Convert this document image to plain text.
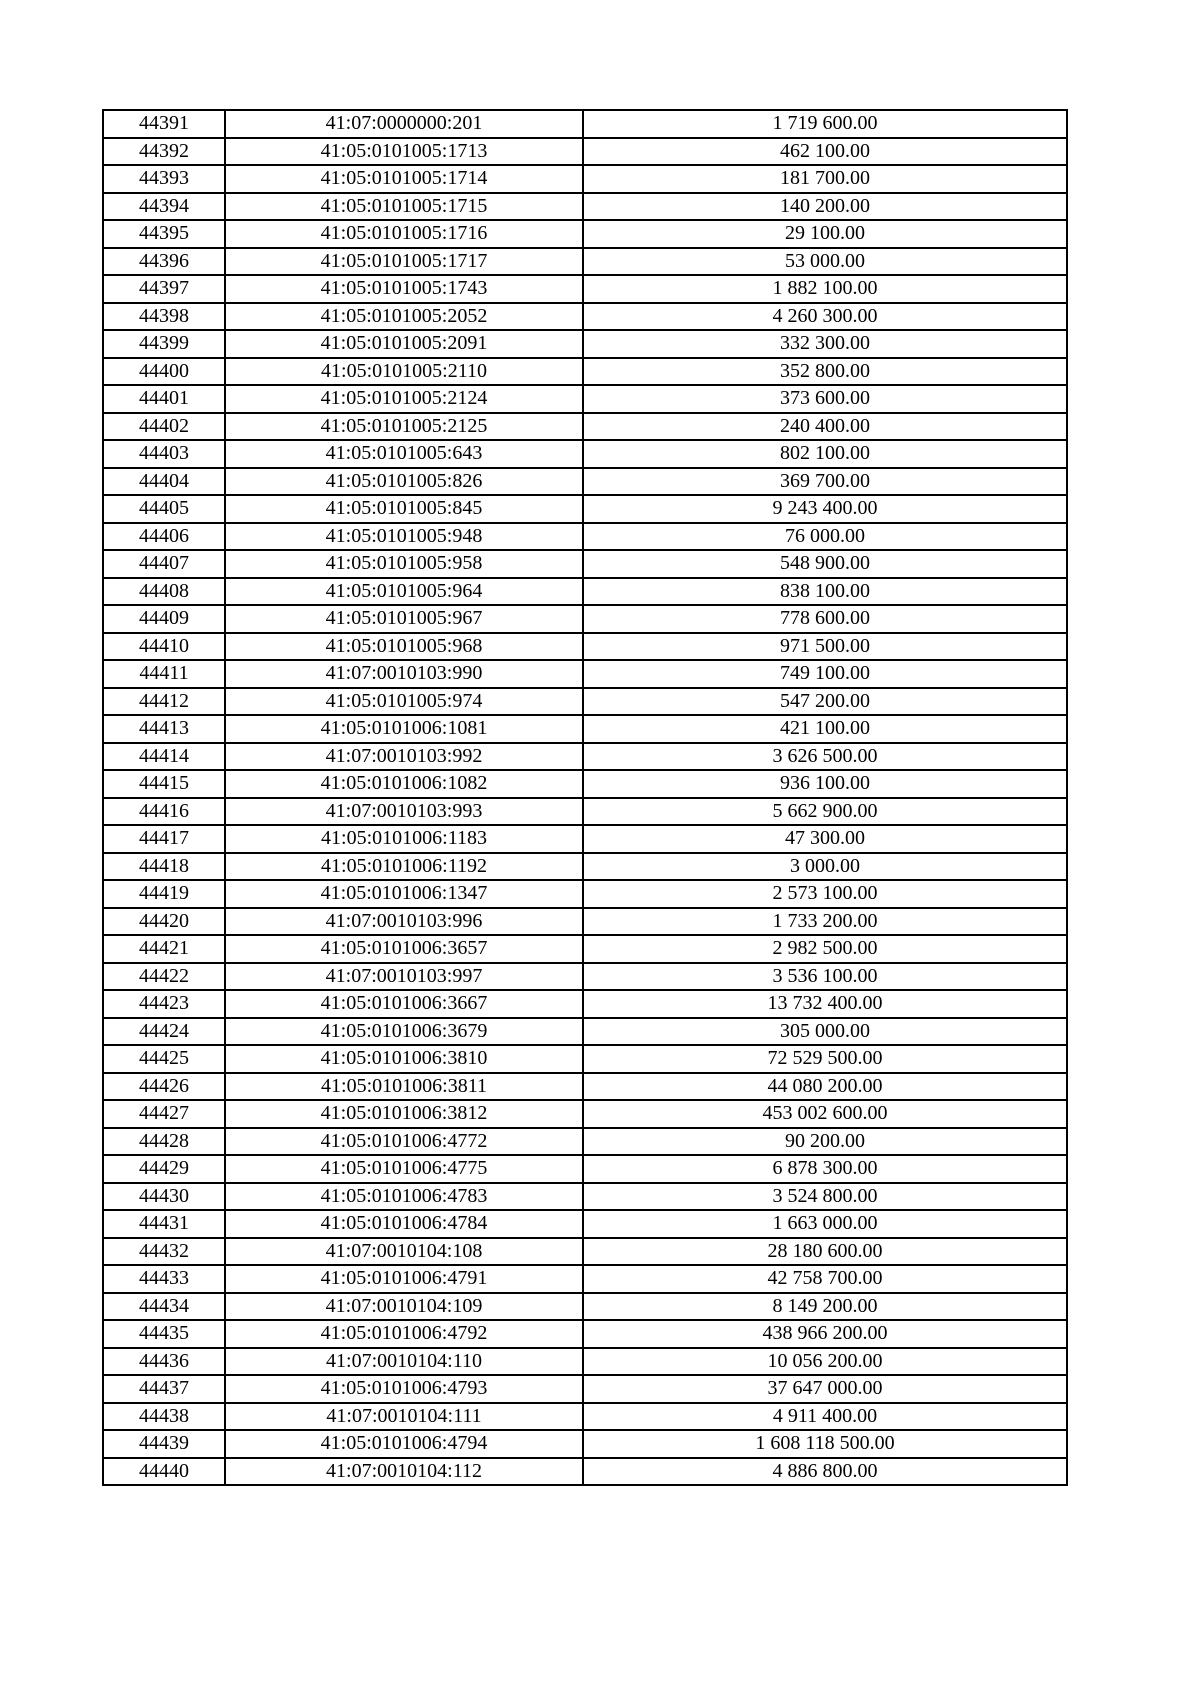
44391	41:07:0000000:201	1 719 600.00
44392	41:05:0101005:1713	462 100.00
44393	41:05:0101005:1714	181 700.00
44394	41:05:0101005:1715	140 200.00
44395	41:05:0101005:1716	29 100.00
44396	41:05:0101005:1717	53 000.00
44397	41:05:0101005:1743	1 882 100.00
44398	41:05:0101005:2052	4 260 300.00
44399	41:05:0101005:2091	332 300.00
44400	41:05:0101005:2110	352 800.00
44401	41:05:0101005:2124	373 600.00
44402	41:05:0101005:2125	240 400.00
44403	41:05:0101005:643	802 100.00
44404	41:05:0101005:826	369 700.00
44405	41:05:0101005:845	9 243 400.00
44406	41:05:0101005:948	76 000.00
44407	41:05:0101005:958	548 900.00
44408	41:05:0101005:964	838 100.00
44409	41:05:0101005:967	778 600.00
44410	41:05:0101005:968	971 500.00
44411	41:07:0010103:990	749 100.00
44412	41:05:0101005:974	547 200.00
44413	41:05:0101006:1081	421 100.00
44414	41:07:0010103:992	3 626 500.00
44415	41:05:0101006:1082	936 100.00
44416	41:07:0010103:993	5 662 900.00
44417	41:05:0101006:1183	47 300.00
44418	41:05:0101006:1192	3 000.00
44419	41:05:0101006:1347	2 573 100.00
44420	41:07:0010103:996	1 733 200.00
44421	41:05:0101006:3657	2 982 500.00
44422	41:07:0010103:997	3 536 100.00
44423	41:05:0101006:3667	13 732 400.00
44424	41:05:0101006:3679	305 000.00
44425	41:05:0101006:3810	72 529 500.00
44426	41:05:0101006:3811	44 080 200.00
44427	41:05:0101006:3812	453 002 600.00
44428	41:05:0101006:4772	90 200.00
44429	41:05:0101006:4775	6 878 300.00
44430	41:05:0101006:4783	3 524 800.00
44431	41:05:0101006:4784	1 663 000.00
44432	41:07:0010104:108	28 180 600.00
44433	41:05:0101006:4791	42 758 700.00
44434	41:07:0010104:109	8 149 200.00
44435	41:05:0101006:4792	438 966 200.00
44436	41:07:0010104:110	10 056 200.00
44437	41:05:0101006:4793	37 647 000.00
44438	41:07:0010104:111	4 911 400.00
44439	41:05:0101006:4794	1 608 118 500.00
44440	41:07:0010104:112	4 886 800.00
